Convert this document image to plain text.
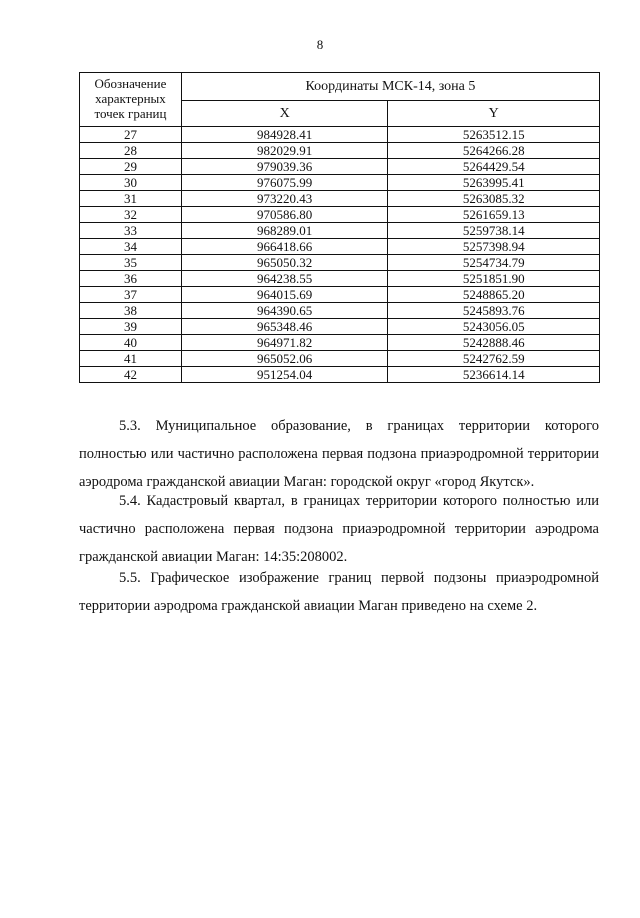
8
Обозначение характерных точек границ	Координаты МСК-14, зона 5	
	X	Y
27	984928.41	5263512.15
28	982029.91	5264266.28
29	979039.36	5264429.54
30	976075.99	5263995.41
31	973220.43	5263085.32
32	970586.80	5261659.13
33	968289.01	5259738.14
34	966418.66	5257398.94
35	965050.32	5254734.79
36	964238.55	5251851.90
37	964015.69	5248865.20
38	964390.65	5245893.76
39	965348.46	5243056.05
40	964971.82	5242888.46
41	965052.06	5242762.59
42	951254.04	5236614.14

5.3. Муниципальное образование, в границах территории которого полностью или частично расположена первая подзона приаэродромной территории аэродрома гражданской авиации Маган: городской округ «город Якутск».

5.4. Кадастровый квартал, в границах территории которого полностью или частично расположена первая подзона приаэродромной территории аэродрома гражданской авиации Маган: 14:35:208002.

5.5. Графическое изображение границ первой подзоны приаэродромной территории аэродрома гражданской авиации Маган приведено на схеме 2.
